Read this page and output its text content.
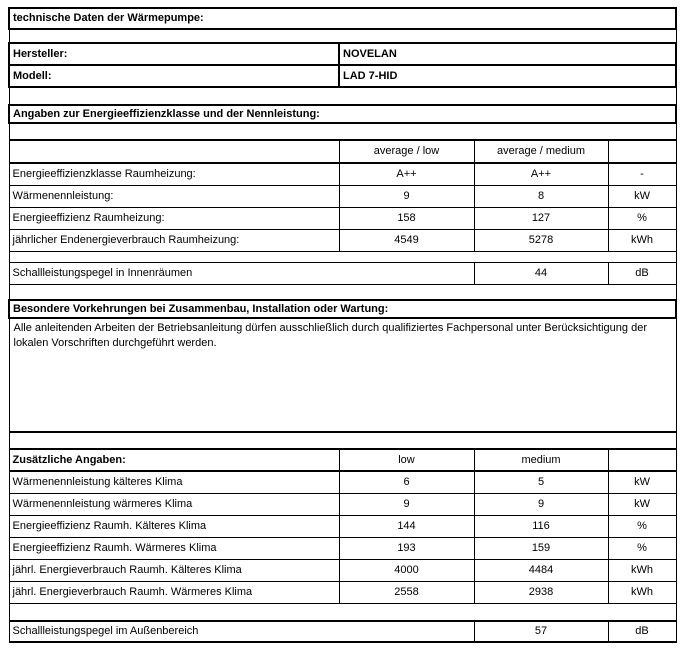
technische Daten der Wärmepumpe:			

Hersteller:	NOVELAN		
Modell:	LAD 7-HID		

Angaben zur Energieeffizienzklasse und der Nennleistung:			

	average / low	average / medium	
Energieeffizienzklasse Raumheizung:	A++	A++	-
Wärmenennleistung:	9	8	kW
Energieeffizienz Raumheizung:	158	127	%
jährlicher Endenergieverbrauch Raumheizung:	4549	5278	kWh

Schallleistungspegel in Innenräumen		44	dB

Besondere Vorkehrungen bei Zusammenbau, Installation oder Wartung:			
Alle anleitenden Arbeiten der Betriebsanleitung dürfen ausschließlich durch qualifiziertes Fachpersonal unter Berücksichtigung der lokalen Vorschriften durchgeführt werden.			

Zusätzliche Angaben:	low	medium	
Wärmenennleistung kälteres Klima	6	5	kW
Wärmenennleistung wärmeres Klima	9	9	kW
Energieeffizienz Raumh. Kälteres Klima	144	116	%
Energieeffizienz Raumh. Wärmeres Klima	193	159	%
jährl. Energieverbrauch Raumh. Kälteres Klima	4000	4484	kWh
jährl. Energieverbrauch Raumh. Wärmeres Klima	2558	2938	kWh

Schallleistungspegel im Außenbereich		57	dB
